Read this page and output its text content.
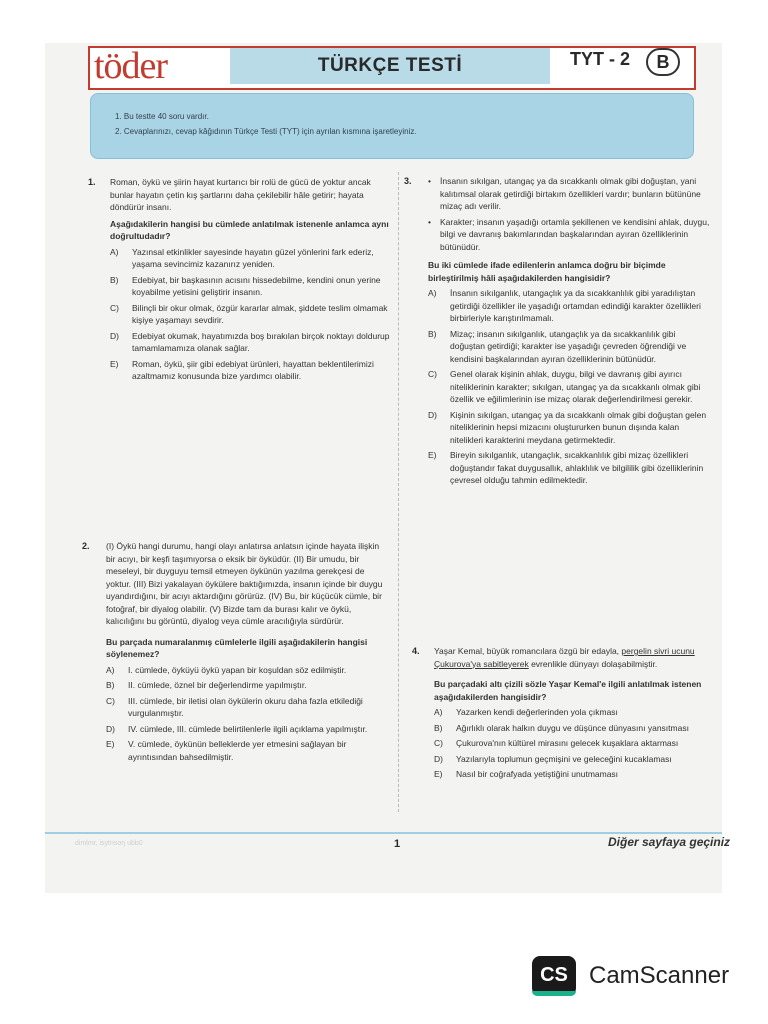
töder	TÜRKÇE TESTİ	TYT - 2	B
1. Bu testte 40 soru vardır.
2. Cevaplarınızı, cevap kâğıdının Türkçe Testi (TYT) için ayrılan kısmına işaretleyiniz.
1. Roman, öykü ve şiirin hayat kurtarıcı bir rolü de gücü de yoktur ancak bunlar hayatın çetin kış şartlarını daha çekilebilir hâle getirir; hayata döndürür insanı.
Aşağıdakilerin hangisi bu cümlede anlatılmak istenenle anlamca aynı doğrultudadır?
A) Yazınsal etkinlikler sayesinde hayatın güzel yönlerini fark ederiz, yaşama sevincimiz kazanırız yeniden.
B) Edebiyat, bir başkasının acısını hissedebilme, kendini onun yerine koyabilme yetisini geliştirir insanın.
C) Bilinçli bir okur olmak, özgür kararlar almak, şiddete teslim olmamak kişiye yaşamayı sevdirir.
D) Edebiyat okumak, hayatımızda boş bırakılan birçok noktayı doldurup tamamlamamıza olanak sağlar.
E) Roman, öykü, şiir gibi edebiyat ürünleri, hayattan beklentilerimizi azaltmamız konusunda bize yardımcı olabilir.
2. (I) Öykü hangi durumu, hangi olayı anlatırsa anlatsın içinde hayata ilişkin bir acıyı, bir keşfi taşımıyorsa o eksik bir öyküdür. (II) Bir umudu, bir meseleyi, bir duyguyu temsil etmeyen öykünün yazılma gerekçesi de yoktur. (III) Bizi yakalayan öykülere baktığımızda, insanın içinde bir duygu uyandırdığını, bir acıyı aktardığını görürüz. (IV) Bu, bir küçücük cümle, bir fotoğraf, bir diyalog olabilir. (V) Bizde tam da burası kalır ve öykü, kalıcılığını bu görüntü, diyalog veya cümle aracılığıyla sürdürür.
Bu parçada numaralanmış cümlelerle ilgili aşağıdakilerin hangisi söylenemez?
A) I. cümlede, öyküyü öykü yapan bir koşuldan söz edilmiştir.
B) II. cümlede, öznel bir değerlendirme yapılmıştır.
C) III. cümlede, bir iletisi olan öykülerin okuru daha fazla etkilediği vurgulanmıştır.
D) IV. cümlede, III. cümlede belirtilenlerle ilgili açıklama yapılmıştır.
E) V. cümlede, öykünün belleklerde yer etmesini sağlayan bir ayrıntısından bahsedilmiştir.
3. • İnsanın sıkılgan, utangaç ya da sıcakkanlı olmak gibi doğuştan, yani kalıtımsal olarak getirdiği birtakım özellikleri vardır; bunların bütününe mizaç adı verilir.
• Karakter; insanın yaşadığı ortamla şekillenen ve kendisini ahlak, duygu, bilgi ve davranış bakımlarından başkalarından ayıran özelliklerinin bütünüdür.
Bu iki cümlede ifade edilenlerin anlamca doğru bir biçimde birleştirilmiş hâli aşağıdakilerden hangisidir?
A) İnsanın sıkılganlık, utangaçlık ya da sıcakkanlılık gibi yaradılıştan getirdiği özellikler ile yaşadığı ortamdan edindiği karakter özellikleri birbirleriyle karıştırılmamalı.
B) Mizaç; insanın sıkılganlık, utangaçlık ya da sıcakkanlılık gibi doğuştan getirdiği; karakter ise yaşadığı çevreden öğrendiği ve kendisini başkalarından ayıran özelliklerinin bütünüdür.
C) Genel olarak kişinin ahlak, duygu, bilgi ve davranış gibi ayırıcı niteliklerinin karakter; sıkılgan, utangaç ya da sıcakkanlı olmak gibi özellik ve eğilimlerinin ise mizaç olarak değerlendirilmesi gerekir.
D) Kişinin sıkılgan, utangaç ya da sıcakkanlı olmak gibi doğuştan gelen niteliklerinin hepsi mizacını oluştururken bunun dışında kalan nitelikleri karakterini meydana getirmektedir.
E) Bireyin sıkılganlık, utangaçlık, sıcakkanlılık gibi mizaç özellikleri doğuştandır fakat duygusallık, ahlaklılık ve bilgililik gibi özelliklerinin çevresel olduğu tahmin edilmektedir.
4. Yaşar Kemal, büyük romancılara özgü bir edayla, pergelin sivri ucunu Çukurova'ya sabitleyerek evrenlikle dünyayı dolaşabilmiştir.
Bu parçadaki altı çizili sözle Yaşar Kemal'e ilgili anlatılmak istenen aşağıdakilerden hangisidir?
A) Yazarken kendi değerlerinden yola çıkması
B) Ağırlıklı olarak halkın duygu ve düşünce dünyasını yansıtması
C) Çukurova'nın kültürel mirasını gelecek kuşaklara aktarması
D) Yazılarıyla toplumun geçmişini ve geleceğini kucaklaması
E) Nasıl bir coğrafyada yetiştiğini unutmaması
dimlmr, isytnsoŋ ubb0	1	Diğer sayfaya geçiniz
CS CamScanner
